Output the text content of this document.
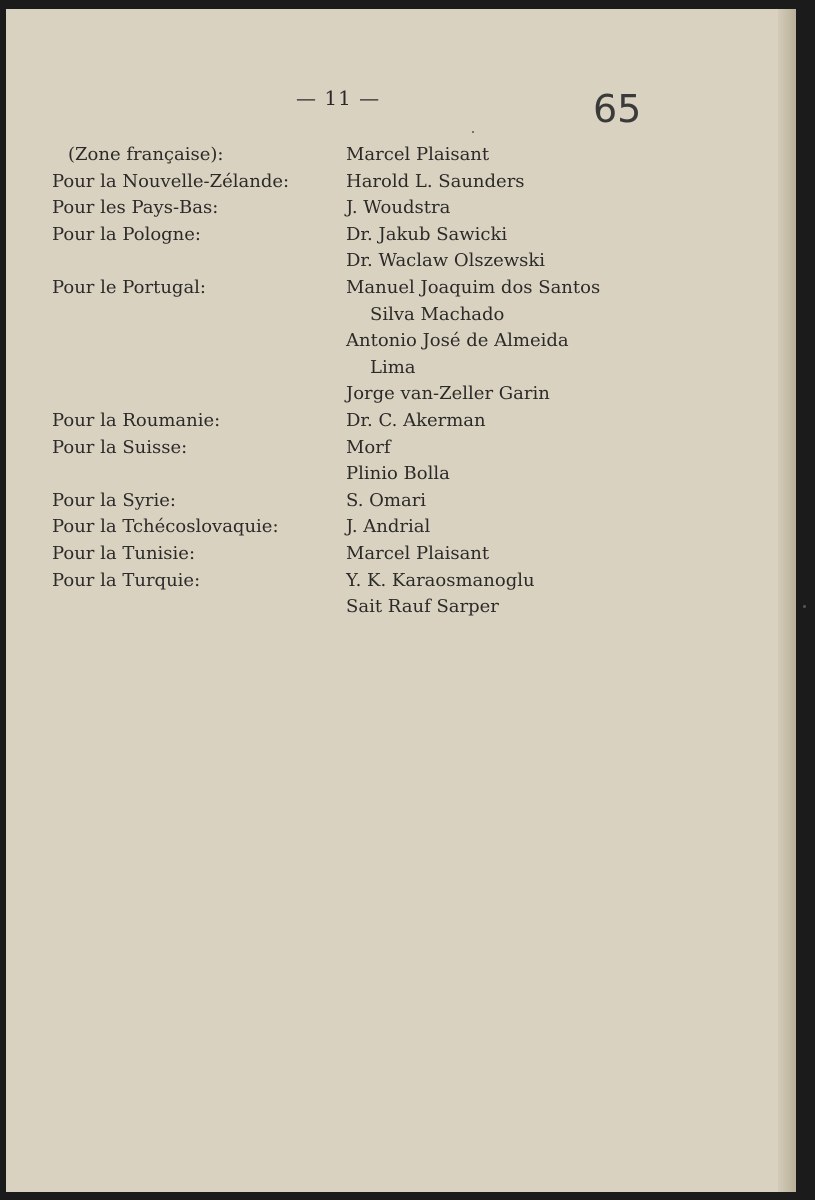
— 11 —	65
(Zone française):
Pour la Nouvelle-Zélande:
Pour les Pays-Bas:
Pour la Pologne:
Pour le Portugal:
Pour la Roumanie:
Pour la Suisse:
Pour la Syrie:
Pour la Tchécoslovaquie:
Pour la Tunisie:
Pour la Turquie:
Marcel Plaisant
Harold L. Saunders
J. Woudstra
Dr. Jakub Sawicki
Dr. Waclaw Olszewski
Manuel Joaquim dos Santos
Silva Machado
Antonio José de Almeida
Lima
Jorge van-Zeller Garin
Dr. C. Akerman
Morf
Plinio Bolla
S. Omari
J. Andrial
Marcel Plaisant
Y. K. Karaosmanoglu
Sait Rauf Sarper
